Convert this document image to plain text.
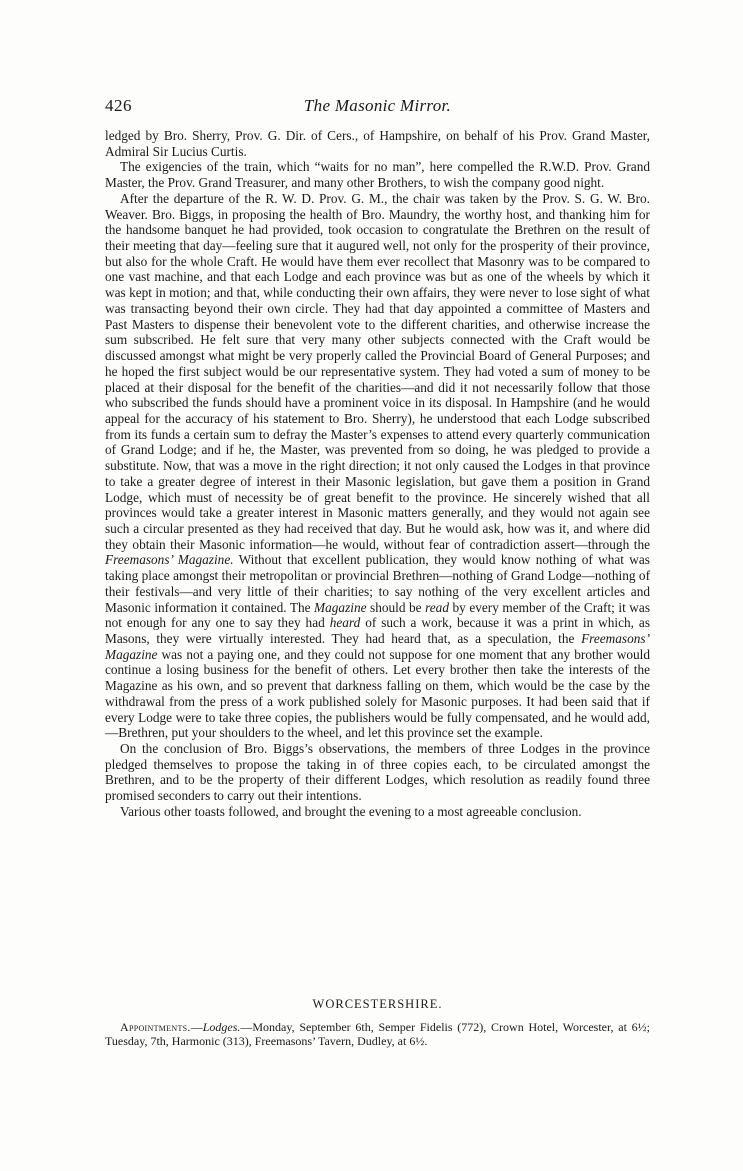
426	The Masonic Mirror.

ledged by Bro. Sherry, Prov. G. Dir. of Cers., of Hampshire, on behalf of his Prov. Grand Master, Admiral Sir Lucius Curtis.

The exigencies of the train, which “waits for no man”, here compelled the R.W.D. Prov. Grand Master, the Prov. Grand Treasurer, and many other Brothers, to wish the company good night.

After the departure of the R. W. D. Prov. G. M., the chair was taken by the Prov. S. G. W. Bro. Weaver. Bro. Biggs, in proposing the health of Bro. Maundry, the worthy host, and thanking him for the handsome banquet he had provided, took occasion to congratulate the Brethren on the result of their meeting that day—feeling sure that it augured well, not only for the prosperity of their province, but also for the whole Craft. He would have them ever recollect that Masonry was to be compared to one vast machine, and that each Lodge and each province was but as one of the wheels by which it was kept in motion; and that, while conducting their own affairs, they were never to lose sight of what was transacting beyond their own circle. They had that day appointed a committee of Masters and Past Masters to dispense their benevolent vote to the different charities, and otherwise increase the sum subscribed. He felt sure that very many other subjects connected with the Craft would be discussed amongst what might be very properly called the Provincial Board of General Purposes; and he hoped the first subject would be our representative system. They had voted a sum of money to be placed at their disposal for the benefit of the charities—and did it not necessarily follow that those who subscribed the funds should have a prominent voice in its disposal. In Hampshire (and he would appeal for the accuracy of his statement to Bro. Sherry), he understood that each Lodge subscribed from its funds a certain sum to defray the Master’s expenses to attend every quarterly communication of Grand Lodge; and if he, the Master, was prevented from so doing, he was pledged to provide a substitute. Now, that was a move in the right direction; it not only caused the Lodges in that province to take a greater degree of interest in their Masonic legislation, but gave them a position in Grand Lodge, which must of necessity be of great benefit to the province. He sincerely wished that all provinces would take a greater interest in Masonic matters generally, and they would not again see such a circular presented as they had received that day. But he would ask, how was it, and where did they obtain their Masonic information—he would, without fear of contradiction assert—through the Freemasons’ Magazine. Without that excellent publication, they would know nothing of what was taking place amongst their metropolitan or provincial Brethren—nothing of Grand Lodge—nothing of their festivals—and very little of their charities; to say nothing of the very excellent articles and Masonic information it contained. The Magazine should be read by every member of the Craft; it was not enough for any one to say they had heard of such a work, because it was a print in which, as Masons, they were virtually interested. They had heard that, as a speculation, the Freemasons’ Magazine was not a paying one, and they could not suppose for one moment that any brother would continue a losing business for the benefit of others. Let every brother then take the interests of the Magazine as his own, and so prevent that darkness falling on them, which would be the case by the withdrawal from the press of a work published solely for Masonic purposes. It had been said that if every Lodge were to take three copies, the publishers would be fully compensated, and he would add,—Brethren, put your shoulders to the wheel, and let this province set the example.

On the conclusion of Bro. Biggs’s observations, the members of three Lodges in the province pledged themselves to propose the taking in of three copies each, to be circulated amongst the Brethren, and to be the property of their different Lodges, which resolution as readily found three promised seconders to carry out their intentions.

Various other toasts followed, and brought the evening to a most agreeable conclusion.

WORCESTERSHIRE.

Appointments.—Lodges.—Monday, September 6th, Semper Fidelis (772), Crown Hotel, Worcester, at 6½; Tuesday, 7th, Harmonic (313), Freemasons’ Tavern, Dudley, at 6½.
